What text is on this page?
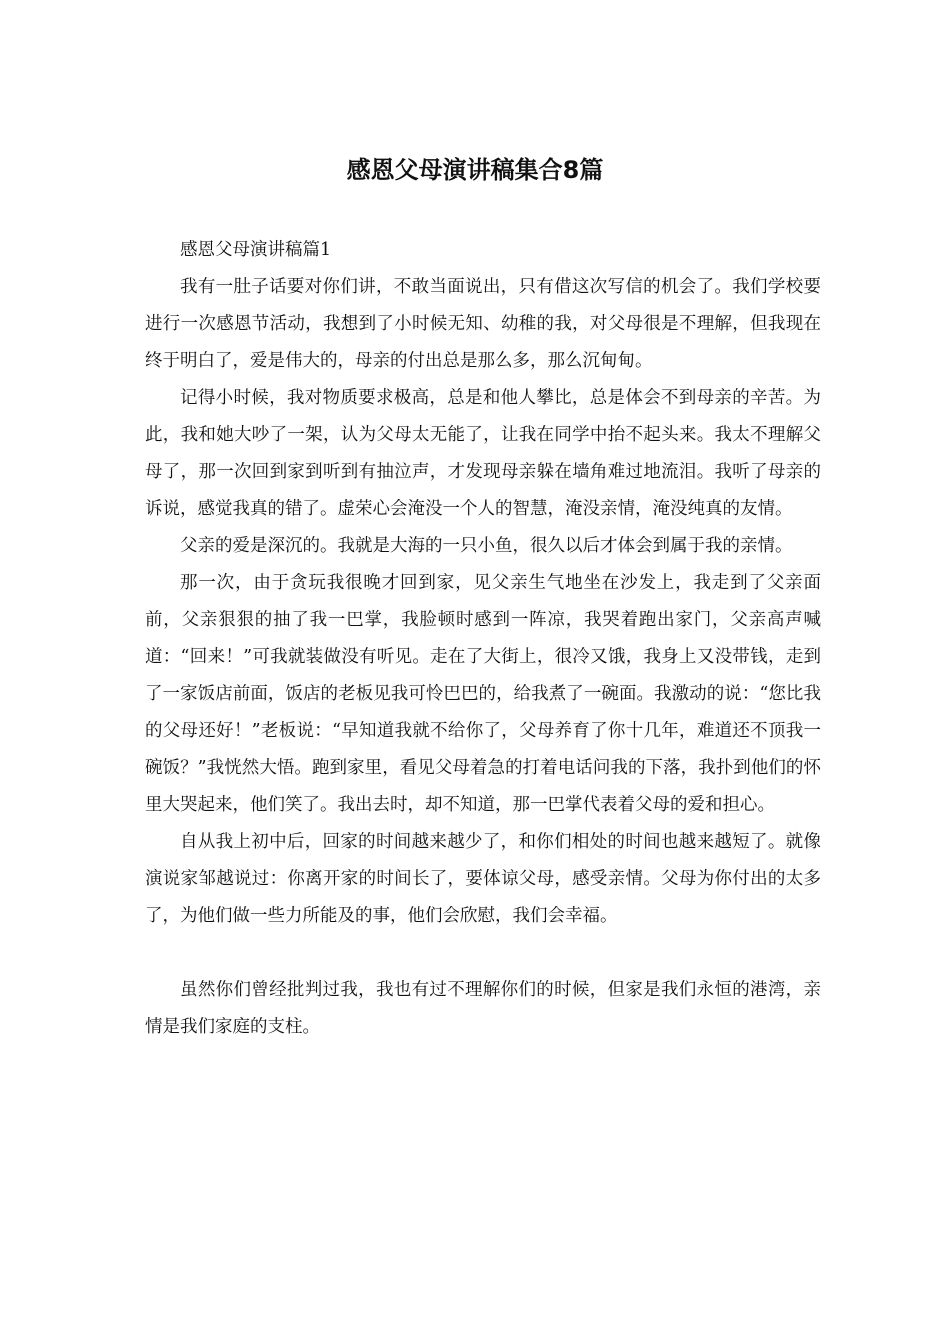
感恩父母演讲稿集合8篇

感恩父母演讲稿篇1

我有一肚子话要对你们讲，不敢当面说出，只有借这次写信的机会了。我们学校要进行一次感恩节活动，我想到了小时候无知、幼稚的我，对父母很是不理解，但我现在终于明白了，爱是伟大的，母亲的付出总是那么多，那么沉甸甸。

记得小时候，我对物质要求极高，总是和他人攀比，总是体会不到母亲的辛苦。为此，我和她大吵了一架，认为父母太无能了，让我在同学中抬不起头来。我太不理解父母了，那一次回到家到听到有抽泣声，才发现母亲躲在墙角难过地流泪。我听了母亲的诉说，感觉我真的错了。虚荣心会淹没一个人的智慧，淹没亲情，淹没纯真的友情。

父亲的爱是深沉的。我就是大海的一只小鱼，很久以后才体会到属于我的亲情。

那一次，由于贪玩我很晚才回到家，见父亲生气地坐在沙发上，我走到了父亲面前，父亲狠狠的抽了我一巴掌，我脸顿时感到一阵凉，我哭着跑出家门，父亲高声喊道：“回来！”可我就装做没有听见。走在了大街上，很冷又饿，我身上又没带钱，走到了一家饭店前面，饭店的老板见我可怜巴巴的，给我煮了一碗面。我激动的说：“您比我的父母还好！”老板说：“早知道我就不给你了，父母养育了你十几年，难道还不顶我一碗饭？”我恍然大悟。跑到家里，看见父母着急的打着电话问我的下落，我扑到他们的怀里大哭起来，他们笑了。我出去时，却不知道，那一巴掌代表着父母的爱和担心。

自从我上初中后，回家的时间越来越少了，和你们相处的时间也越来越短了。就像演说家邹越说过：你离开家的时间长了，要体谅父母，感受亲情。父母为你付出的太多了，为他们做一些力所能及的事，他们会欣慰，我们会幸福。

虽然你们曾经批判过我，我也有过不理解你们的时候，但家是我们永恒的港湾，亲情是我们家庭的支柱。
